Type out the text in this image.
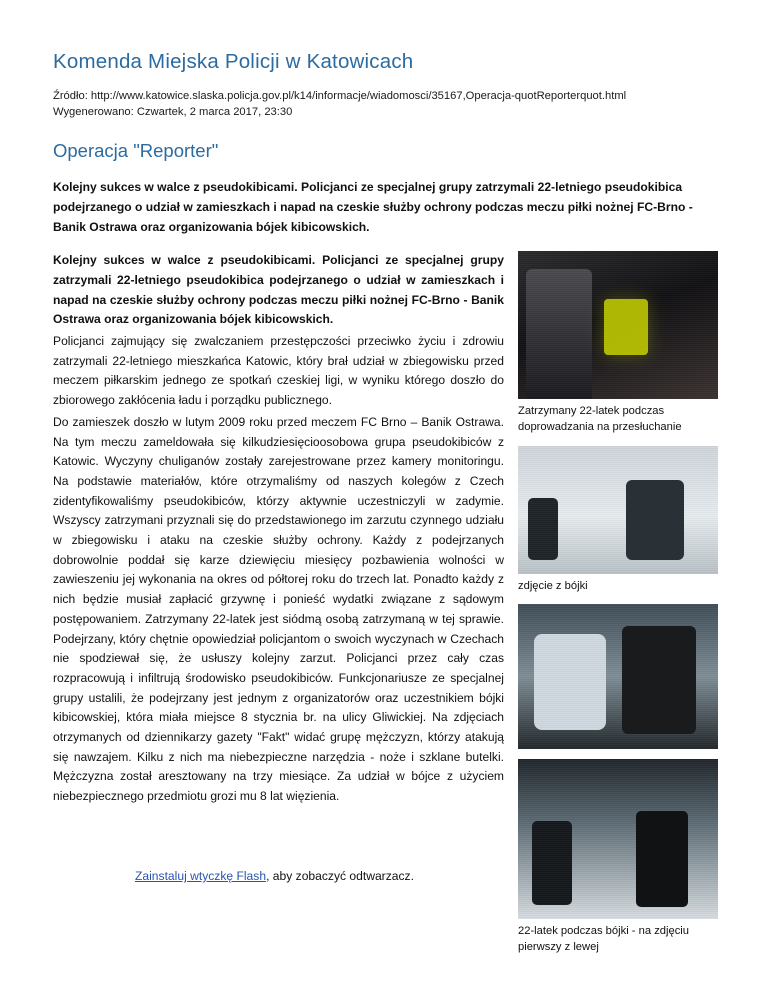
Komenda Miejska Policji w Katowicach
Źródło: http://www.katowice.slaska.policja.gov.pl/k14/informacje/wiadomosci/35167,Operacja-quotReporterquot.html
Wygenerowano: Czwartek, 2 marca 2017, 23:30
Operacja "Reporter"

Kolejny sukces w walce z pseudokibicami. Policjanci ze specjalnej grupy zatrzymali 22-letniego pseudokibica podejrzanego o udział w zamieszkach i napad na czeskie służby ochrony podczas meczu piłki nożnej FC-Brno - Banik Ostrawa oraz organizowania bójek kibicowskich.

Zatrzymany 22-latek podczas doprowadzania na przesłuchanie
zdjęcie z bójki
22-latek podczas bójki - na zdjęciu pierwszy z lewej

Kolejny sukces w walce z pseudokibicami. Policjanci ze specjalnej grupy zatrzymali 22-letniego pseudokibica podejrzanego o udział w zamieszkach i napad na czeskie służby ochrony podczas meczu piłki nożnej FC-Brno - Banik Ostrawa oraz organizowania bójek kibicowskich.

Policjanci zajmujący się zwalczaniem przestępczości przeciwko życiu i zdrowiu zatrzymali 22-letniego mieszkańca Katowic, który brał udział w zbiegowisku przed meczem piłkarskim jednego ze spotkań czeskiej ligi, w wyniku którego doszło do zbiorowego zakłócenia ładu i porządku publicznego.

Do zamieszek doszło w lutym 2009 roku przed meczem FC Brno – Banik Ostrawa. Na tym meczu zameldowała się kilkudziesięcioosobowa grupa pseudokibiców z Katowic. Wyczyny chuliganów zostały zarejestrowane przez kamery monitoringu. Na podstawie materiałów, które otrzymaliśmy od naszych kolegów z Czech zidentyfikowaliśmy pseudokibiców, którzy aktywnie uczestniczyli w zadymie. Wszyscy zatrzymani przyznali się do przedstawionego im zarzutu czynnego udziału w zbiegowisku i ataku na czeskie służby ochrony. Każdy z podejrzanych dobrowolnie poddał się karze dziewięciu miesięcy pozbawienia wolności w zawieszeniu jej wykonania na okres od półtorej roku do trzech lat. Ponadto każdy z nich będzie musiał zapłacić grzywnę i ponieść wydatki związane z sądowym postępowaniem. Zatrzymany 22-latek jest siódmą osobą zatrzymaną w tej sprawie. Podejrzany, który chętnie opowiedział policjantom o swoich wyczynach w Czechach nie spodziewał się, że usłuszy kolejny zarzut. Policjanci przez cały czas rozpracowują i infiltrują środowisko pseudokibiców. Funkcjonariusze ze specjalnej grupy ustalili, że podejrzany jest jednym z organizatorów oraz uczestnikiem bójki kibicowskiej, która miała miejsce 8 stycznia br. na ulicy Gliwickiej. Na zdjęciach otrzymanych od dziennikarzy gazety "Fakt" widać grupę mężczyzn, którzy atakują się nawzajem. Kilku z nich ma niebezpieczne narzędzia - noże i szklane butelki. Mężczyzna został aresztowany na trzy miesiące. Za udział w bójce z użyciem niebezpiecznego przedmiotu grozi mu 8 lat więzienia.

Zainstaluj wtyczkę Flash, aby zobaczyć odtwarzacz.
